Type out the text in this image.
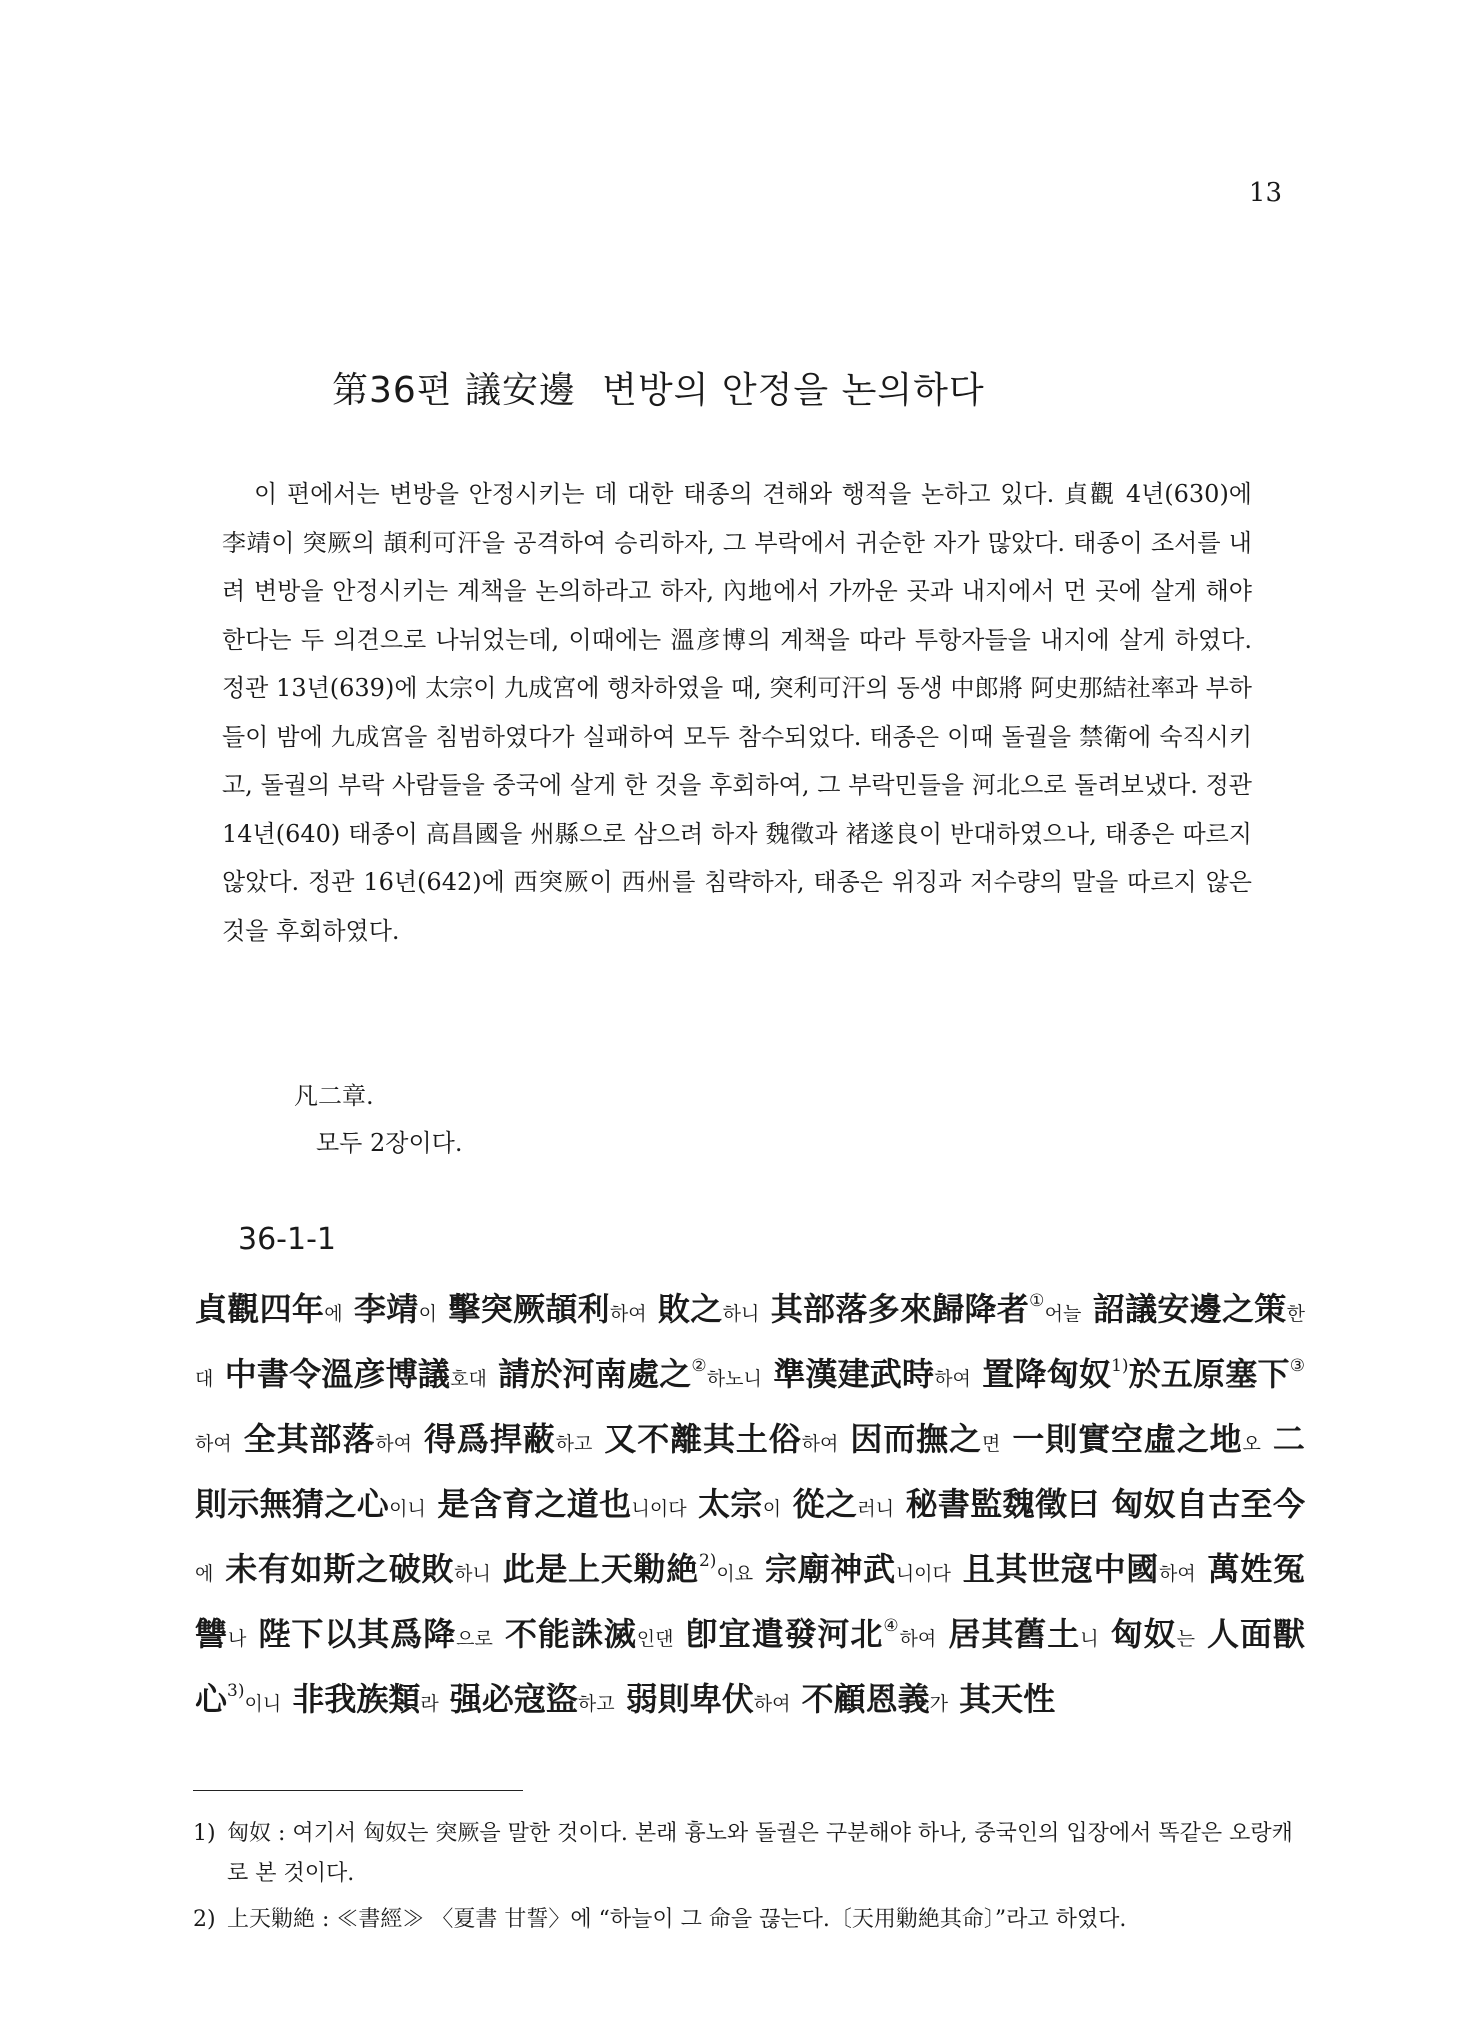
13
第36편 議安邊 변방의 안정을 논의하다

이 편에서는 변방을 안정시키는 데 대한 태종의 견해와 행적을 논하고 있다. 貞觀 4년(630)에 李靖이 突厥의 頡利可汗을 공격하여 승리하자, 그 부락에서 귀순한 자가 많았다. 태종이 조서를 내려 변방을 안정시키는 계책을 논의하라고 하자, 內地에서 가까운 곳과 내지에서 먼 곳에 살게 해야 한다는 두 의견으로 나뉘었는데, 이때에는 溫彦博의 계책을 따라 투항자들을 내지에 살게 하였다. 정관 13년(639)에 太宗이 九成宮에 행차하였을 때, 突利可汗의 동생 中郎將 阿史那結社率과 부하들이 밤에 九成宮을 침범하였다가 실패하여 모두 참수되었다. 태종은 이때 돌궐을 禁衛에 숙직시키고, 돌궐의 부락 사람들을 중국에 살게 한 것을 후회하여, 그 부락민들을 河北으로 돌려보냈다. 정관 14년(640) 태종이 高昌國을 州縣으로 삼으려 하자 魏徵과 褚遂良이 반대하였으나, 태종은 따르지 않았다. 정관 16년(642)에 西突厥이 西州를 침략하자, 태종은 위징과 저수량의 말을 따르지 않은 것을 후회하였다.

凡二章.
모두 2장이다.
36-1-1
貞觀四年에 李靖이 擊突厥頡利하여 敗之하니 其部落多來歸降者①어늘 詔議安邊之策한대 中書令溫彦博議호대 請於河南處之②하노니 準漢建武時하여 置降匈奴$^{1)}$於五原塞下③하여 全其部落하여 得爲捍蔽하고 又不離其土俗하여 因而撫之면 一則實空虛之地오 二則示無猜之心이니 是含育之道也니이다 太宗이 從之러니 秘書監魏徵曰 匈奴自古至今에 未有如斯之破敗하니 此是上天勦絶$^{2)}$이요 宗廟神武니이다 且其世寇中國하여 萬姓冤讐나 陛下以其爲降으로 不能誅滅인댄 卽宜遣發河北④하여 居其舊土니 匈奴는 人面獸心$^{3)}$이니 非我族類라 强必寇盜하고 弱則卑伏하여 不顧恩義가 其天性
1) 匈奴 : 여기서 匈奴는 突厥을 말한 것이다. 본래 흉노와 돌궐은 구분해야 하나, 중국인의 입장에서 똑같은 오랑캐로 본 것이다.
2) 上天勦絶 : ≪書經≫ 〈夏書 甘誓〉에 “하늘이 그 命을 끊는다.〔天用勦絶其命〕”라고 하였다.
